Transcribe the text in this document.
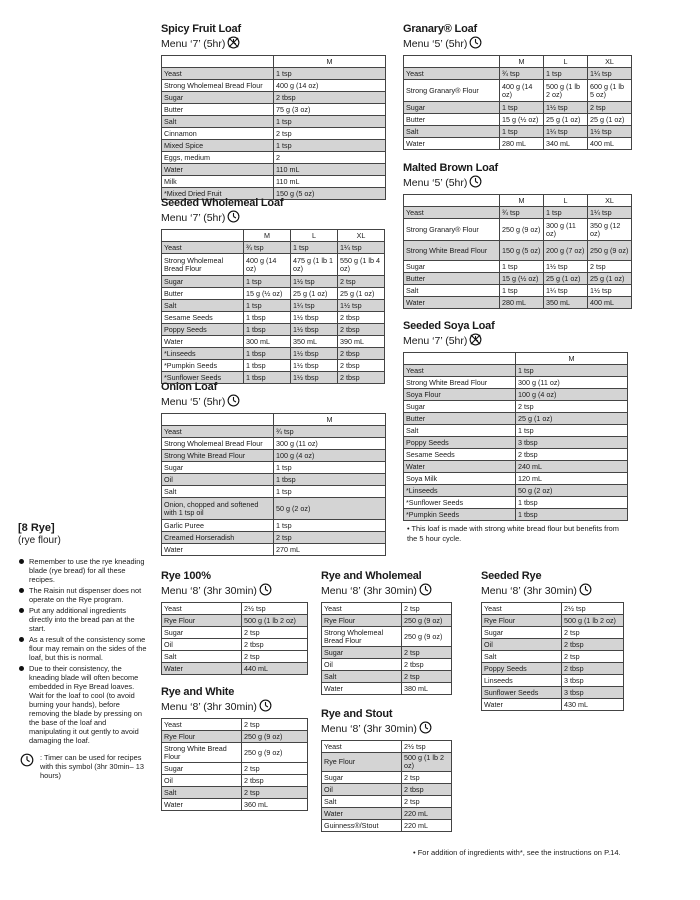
[8 Rye]
(rye flour)
Remember to use the rye kneading blade (rye bread) for all these recipes.
The Raisin nut dispenser does not operate on the Rye program.
Put any additional ingredients directly into the bread pan at the start.
As a result of the consistency some flour may remain on the sides of the loaf, but this is normal.
Due to their consistency, the kneading blade will often become embedded in Rye Bread loaves. Wait for the loaf to cool (to avoid burning your hands), before removing the blade by pressing on the base of the loaf and manipulating it out gently to avoid damaging the loaf.
: Timer can be used for recipes with this symbol (3hr 30min– 13 hours)
Spicy Fruit Loaf
Menu ‘7’ (5hr)
	M
Yeast	1 tsp
Strong Wholemeal Bread Flour	400 g (14 oz)
Sugar	2 tbsp
Butter	75 g (3 oz)
Salt	1 tsp
Cinnamon	2 tsp
Mixed Spice	1 tsp
Eggs, medium	2
Water	110 mL
Milk	110 mL
*Mixed Dried Fruit	150 g (5 oz)
Seeded Wholemeal Loaf
Menu ‘7’ (5hr)
	M	L	XL
Yeast	¾ tsp	1 tsp	1¼ tsp
Strong Wholemeal Bread Flour	400 g (14 oz)	475 g (1 lb 1 oz)	550 g (1 lb 4 oz)
Sugar	1 tsp	1½ tsp	2 tsp
Butter	15 g (½ oz)	25 g (1 oz)	25 g (1 oz)
Salt	1 tsp	1¼ tsp	1½ tsp
Sesame Seeds	1 tbsp	1½ tbsp	2 tbsp
Poppy Seeds	1 tbsp	1½ tbsp	2 tbsp
Water	300 mL	350 mL	390 mL
*Linseeds	1 tbsp	1½ tbsp	2 tbsp
*Pumpkin Seeds	1 tbsp	1½ tbsp	2 tbsp
*Sunflower Seeds	1 tbsp	1½ tbsp	2 tbsp
Onion Loaf
Menu ‘5’ (5hr)
	M
Yeast	¾ tsp
Strong Wholemeal Bread Flour	300 g (11 oz)
Strong White Bread Flour	100 g (4 oz)
Sugar	1 tsp
Oil	1 tbsp
Salt	1 tsp
Onion, chopped and softened with 1 tsp oil	50 g (2 oz)
Garlic Puree	1 tsp
Creamed Horseradish	2 tsp
Water	270 mL
Granary® Loaf
Menu ‘5’ (5hr)
	M	L	XL
Yeast	¾ tsp	1 tsp	1¼ tsp
Strong Granary® Flour	400 g (14 oz)	500 g (1 lb 2 oz)	600 g (1 lb 5 oz)
Sugar	1 tsp	1½ tsp	2 tsp
Butter	15 g (½ oz)	25 g (1 oz)	25 g (1 oz)
Salt	1 tsp	1¼ tsp	1½ tsp
Water	280 mL	340 mL	400 mL
Malted Brown Loaf
Menu ‘5’ (5hr)
	M	L	XL
Yeast	¾ tsp	1 tsp	1¼ tsp
Strong Granary® Flour	250 g (9 oz)	300 g (11 oz)	350 g (12 oz)
Strong White Bread Flour	150 g (5 oz)	200 g (7 oz)	250 g (9 oz)
Sugar	1 tsp	1½ tsp	2 tsp
Butter	15 g (½ oz)	25 g (1 oz)	25 g (1 oz)
Salt	1 tsp	1¼ tsp	1½ tsp
Water	280 mL	350 mL	400 mL
Seeded Soya Loaf
Menu ‘7’ (5hr)
	M
Yeast	1 tsp
Strong White Bread Flour	300 g (11 oz)
Soya Flour	100 g (4 oz)
Sugar	2 tsp
Butter	25 g (1 oz)
Salt	1 tsp
Poppy Seeds	3 tbsp
Sesame Seeds	2 tbsp
Water	240 mL
Soya Milk	120 mL
*Linseeds	50 g (2 oz)
*Sunflower Seeds	1 tbsp
*Pumpkin Seeds	1 tbsp
• This loaf is made with strong white bread flour but benefits from the 5 hour cycle.
Rye 100%
Menu ‘8’ (3hr 30min)
Yeast	2½ tsp
Rye Flour	500 g (1 lb 2 oz)
Sugar	2 tsp
Oil	2 tbsp
Salt	2 tsp
Water	440 mL
Rye and White
Menu ‘8’ (3hr 30min)
Yeast	2 tsp
Rye Flour	250 g (9 oz)
Strong White Bread Flour	250 g (9 oz)
Sugar	2 tsp
Oil	2 tbsp
Salt	2 tsp
Water	360 mL
Rye and Wholemeal
Menu ‘8’ (3hr 30min)
Yeast	2 tsp
Rye Flour	250 g (9 oz)
Strong Wholemeal Bread Flour	250 g (9 oz)
Sugar	2 tsp
Oil	2 tbsp
Salt	2 tsp
Water	380 mL
Rye and Stout
Menu ‘8’ (3hr 30min)
Yeast	2½ tsp
Rye Flour	500 g (1 lb 2 oz)
Sugar	2 tsp
Oil	2 tbsp
Salt	2 tsp
Water	220 mL
Guinness®/Stout	220 mL
Seeded Rye
Menu ‘8’ (3hr 30min)
Yeast	2½ tsp
Rye Flour	500 g (1 lb 2 oz)
Sugar	2 tsp
Oil	2 tbsp
Salt	2 tsp
Poppy Seeds	2 tbsp
Linseeds	3 tbsp
Sunflower Seeds	3 tbsp
Water	430 mL
• For addition of ingredients with*, see the instructions on P.14.
